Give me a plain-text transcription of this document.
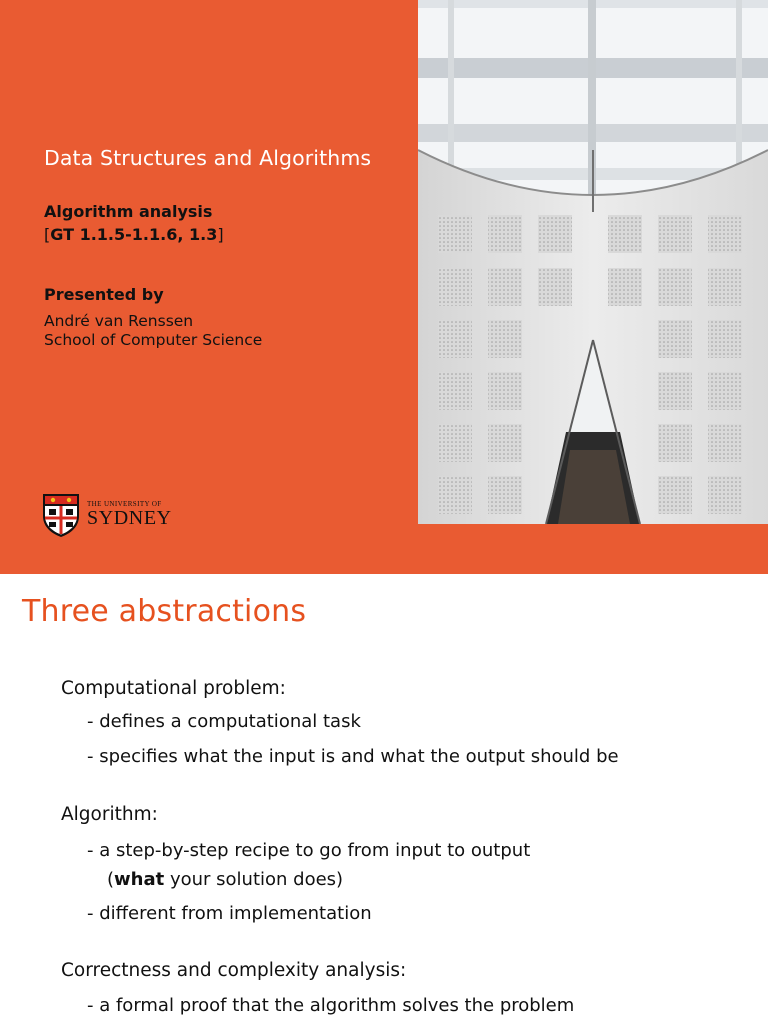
Data Structures and Algorithms
Algorithm analysis
[GT 1.1.5-1.1.6, 1.3]
Presented by
André van Renssen
School of Computer Science
THE UNIVERSITY OF
SYDNEY
Three abstractions
Computational problem:
- defines a computational task
- specifies what the input is and what the output should be
Algorithm:
- a step-by-step recipe to go from input to output
(what your solution does)
- different from implementation
Correctness and complexity analysis:
- a formal proof that the algorithm solves the problem
